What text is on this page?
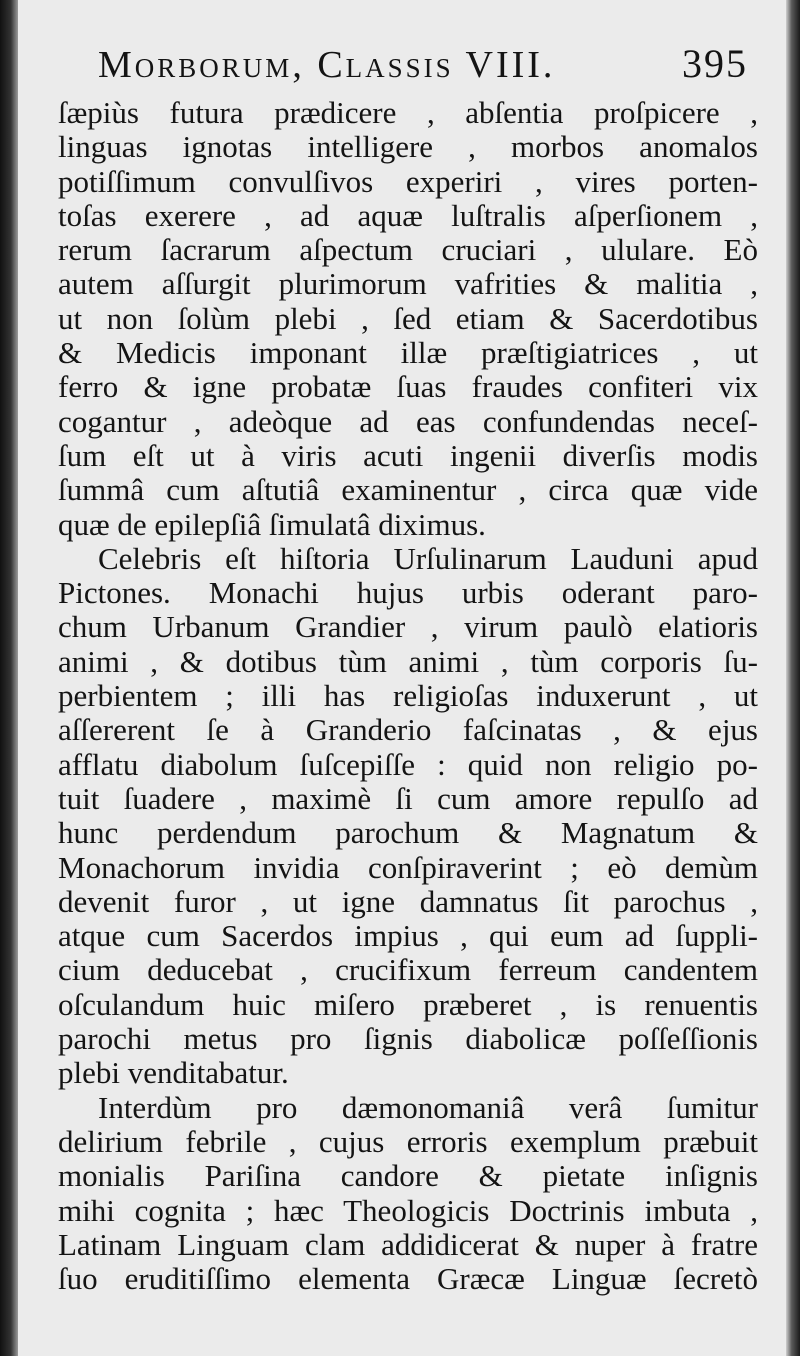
Morborum, Classis VIII.	395
ſæpiùs futura prædicere , abſentia proſpicere ,
linguas ignotas intelligere , morbos anomalos
potiſſimum convulſivos experiri , vires porten-
toſas exerere , ad aquæ luſtralis aſperſionem ,
rerum ſacrarum aſpectum cruciari , ululare. Eò
autem aſſurgit plurimorum vafrities & malitia ,
ut non ſolùm plebi , ſed etiam & Sacerdotibus
& Medicis imponant illæ præſtigiatrices , ut
ferro & igne probatæ ſuas fraudes confiteri vix
cogantur , adeòque ad eas confundendas neceſ-
ſum eſt ut à viris acuti ingenii diverſis modis
ſummâ cum aſtutiâ examinentur , circa quæ vide
quæ de epilepſiâ ſimulatâ diximus.
Celebris eſt hiſtoria Urſulinarum Lauduni apud
Pictones. Monachi hujus urbis oderant paro-
chum Urbanum Grandier , virum paulò elatioris
animi , & dotibus tùm animi , tùm corporis ſu-
perbientem ; illi has religioſas induxerunt , ut
aſſererent ſe à Granderio faſcinatas , & ejus
afflatu diabolum ſuſcepiſſe : quid non religio po-
tuit ſuadere , maximè ſi cum amore repulſo ad
hunc perdendum parochum & Magnatum &
Monachorum invidia conſpiraverint ; eò demùm
devenit furor , ut igne damnatus ſit parochus ,
atque cum Sacerdos impius , qui eum ad ſuppli-
cium deducebat , crucifixum ferreum candentem
oſculandum huic miſero præberet , is renuentis
parochi metus pro ſignis diabolicæ poſſeſſionis
plebi venditabatur.
Interdùm pro dæmonomaniâ verâ ſumitur
delirium febrile , cujus erroris exemplum præbuit
monialis Pariſina candore & pietate inſignis
mihi cognita ; hæc Theologicis Doctrinis imbuta ,
Latinam Linguam clam addidicerat & nuper à fratre
ſuo eruditiſſimo elementa Græcæ Linguæ ſecretò
